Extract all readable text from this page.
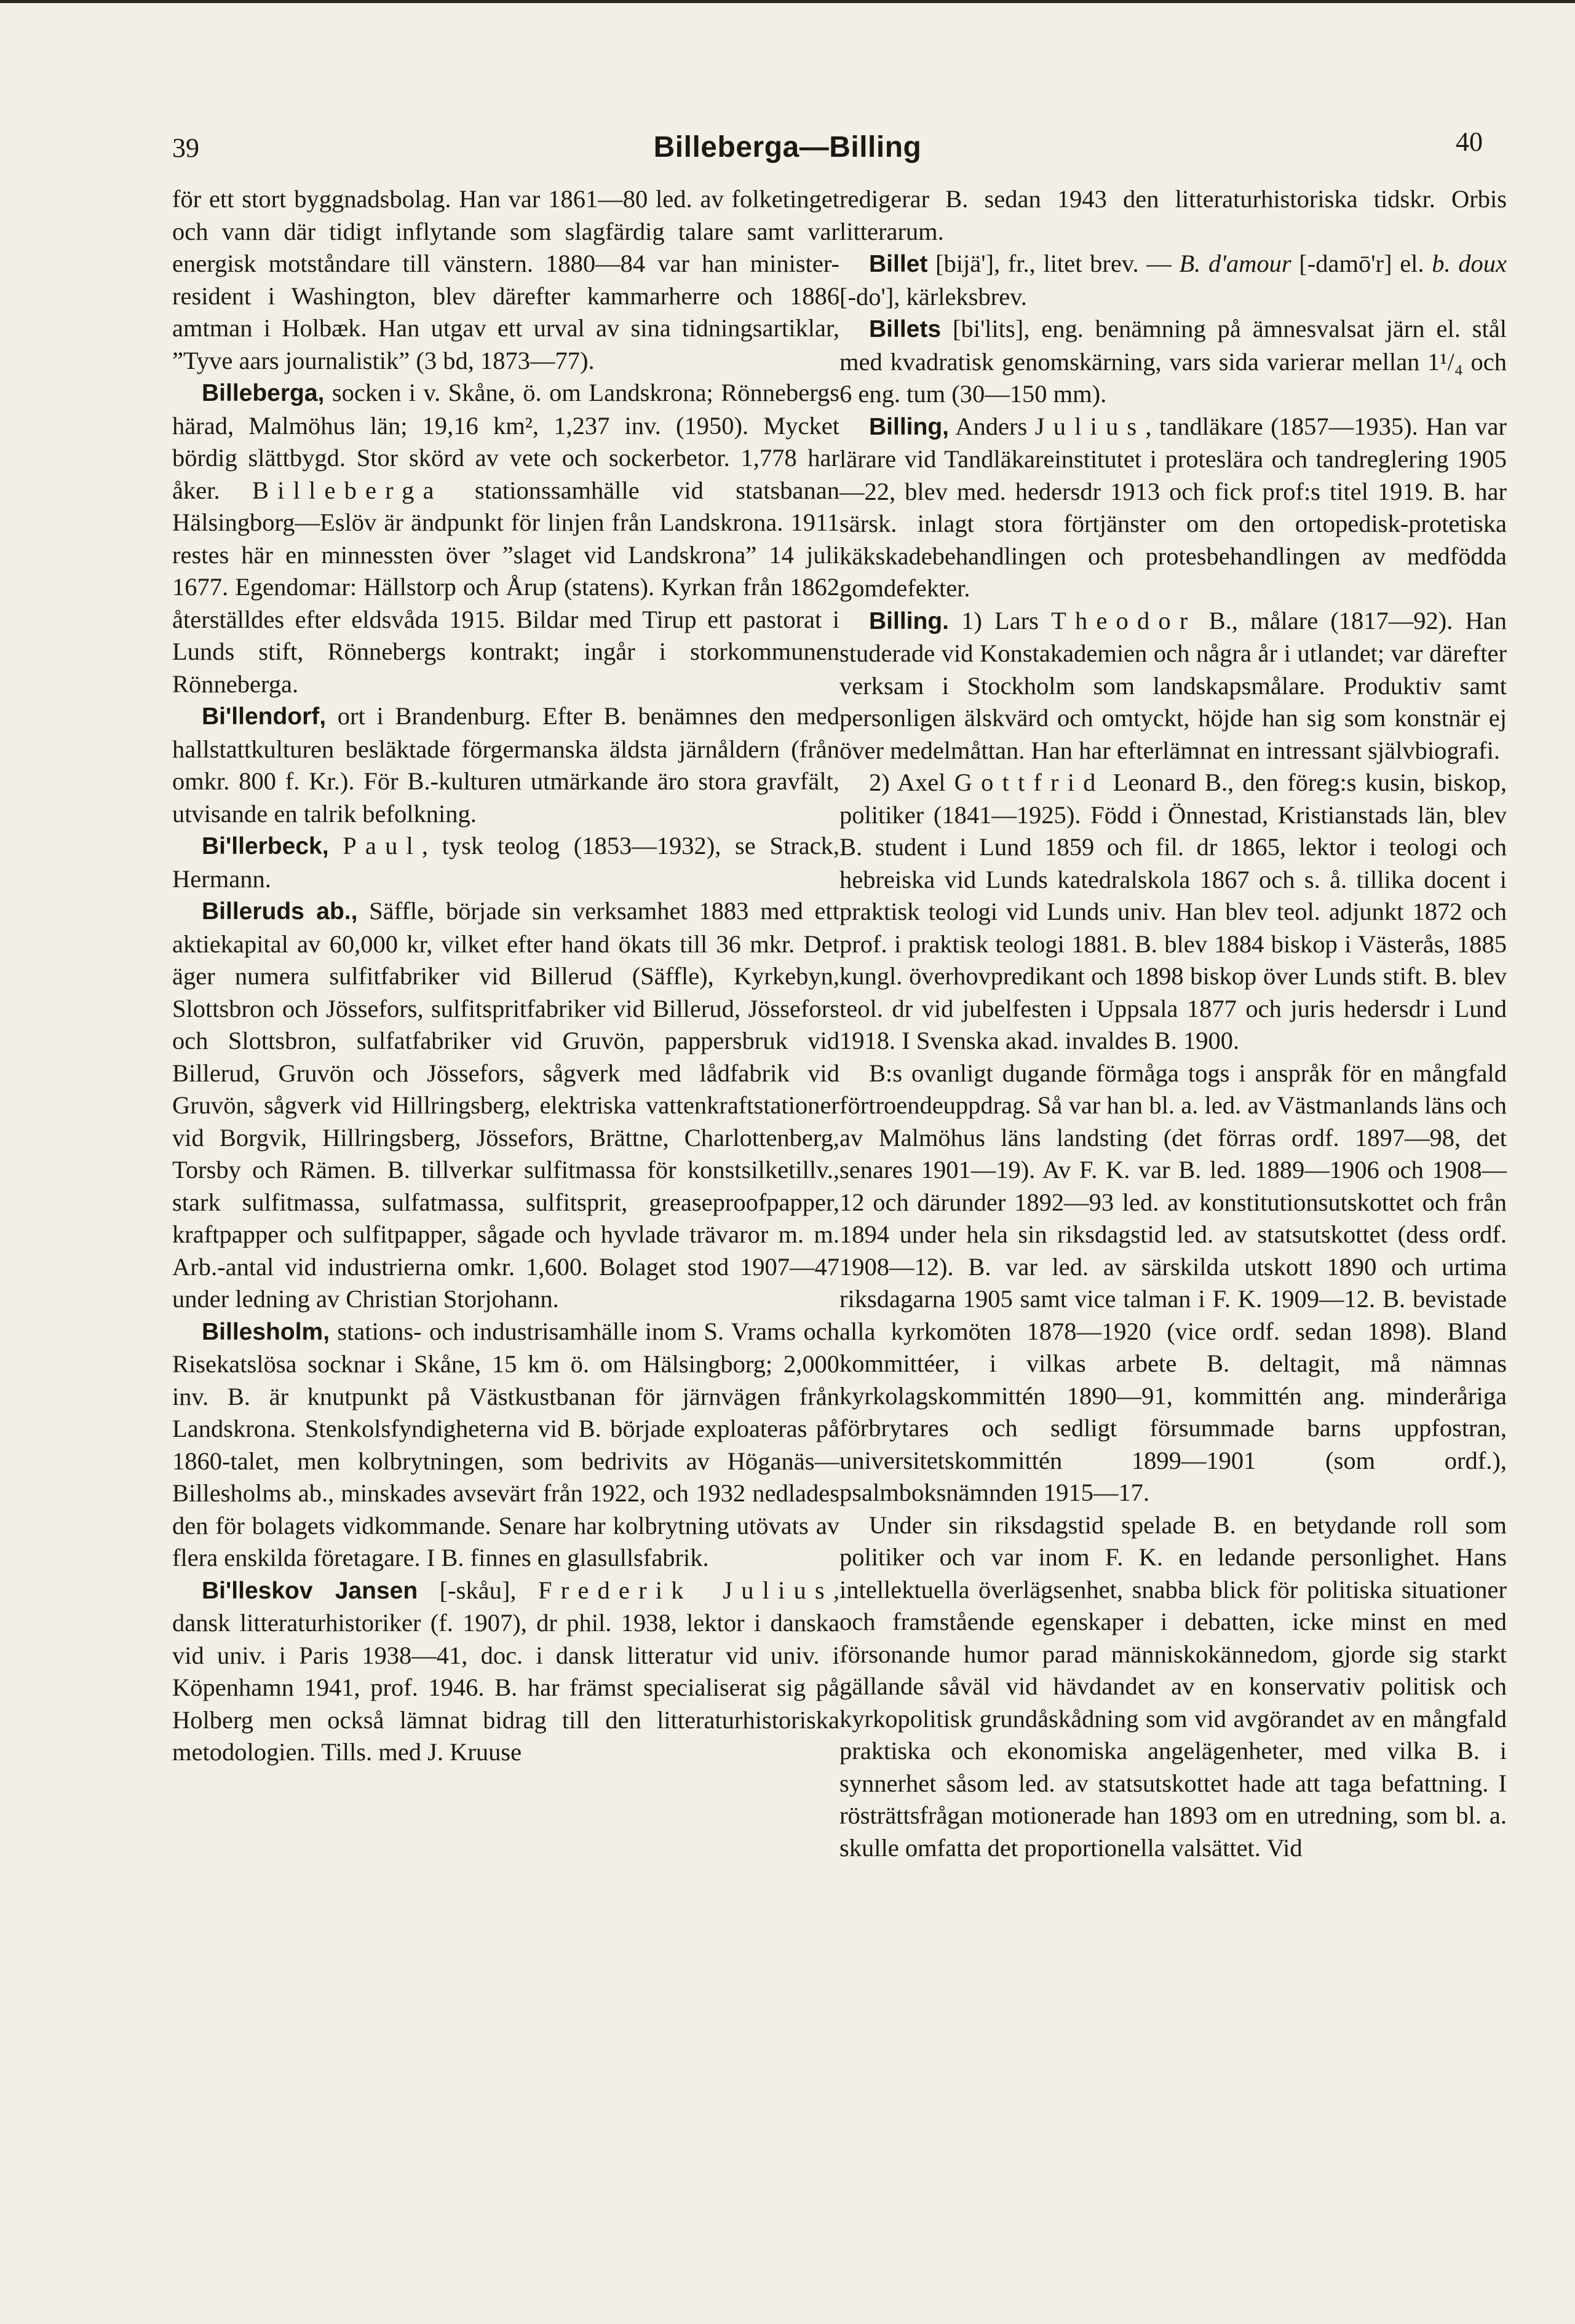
39	Billeberga—Billing	40

för ett stort byggnadsbolag. Han var 1861—80 led. av folketinget och vann där tidigt inflytande som slagfärdig talare samt var energisk motståndare till vänstern. 1880—84 var han minister-resident i Washington, blev därefter kammarherre och 1886 amtman i Holbæk. Han utgav ett urval av sina tidningsartiklar, ”Tyve aars journalistik” (3 bd, 1873—77).

Billeberga, socken i v. Skåne, ö. om Landskrona; Rönnebergs härad, Malmöhus län; 19,16 km², 1,237 inv. (1950). Mycket bördig slättbygd. Stor skörd av vete och sockerbetor. 1,778 har åker. Billeberga stationssamhälle vid statsbanan Hälsingborg—Eslöv är ändpunkt för linjen från Landskrona. 1911 restes här en minnessten över ”slaget vid Landskrona” 14 juli 1677. Egendomar: Hällstorp och Årup (statens). Kyrkan från 1862 återställdes efter eldsvåda 1915. Bildar med Tirup ett pastorat i Lunds stift, Rönnebergs kontrakt; ingår i storkommunen Rönneberga.

Bi'llendorf, ort i Brandenburg. Efter B. benämnes den med hallstattkulturen besläktade förgermanska äldsta järnåldern (från omkr. 800 f. Kr.). För B.-kulturen utmärkande äro stora gravfält, utvisande en talrik befolkning.

Bi'llerbeck, Paul, tysk teolog (1853—1932), se Strack, Hermann.

Billeruds ab., Säffle, började sin verksamhet 1883 med ett aktiekapital av 60,000 kr, vilket efter hand ökats till 36 mkr. Det äger numera sulfitfabriker vid Billerud (Säffle), Kyrkebyn, Slottsbron och Jössefors, sulfitspritfabriker vid Billerud, Jössefors och Slottsbron, sulfatfabriker vid Gruvön, pappersbruk vid Billerud, Gruvön och Jössefors, sågverk med lådfabrik vid Gruvön, sågverk vid Hillringsberg, elektriska vattenkraftstationer vid Borgvik, Hillringsberg, Jössefors, Brättne, Charlottenberg, Torsby och Rämen. B. tillverkar sulfitmassa för konstsilketillv., stark sulfitmassa, sulfatmassa, sulfitsprit, greaseproofpapper, kraftpapper och sulfitpapper, sågade och hyvlade trävaror m. m. Arb.-antal vid industrierna omkr. 1,600. Bolaget stod 1907—47 under ledning av Christian Storjohann.

Billesholm, stations- och industrisamhälle inom S. Vrams och Risekatslösa socknar i Skåne, 15 km ö. om Hälsingborg; 2,000 inv. B. är knutpunkt på Västkustbanan för järnvägen från Landskrona. Stenkolsfyndigheterna vid B. började exploateras på 1860-talet, men kolbrytningen, som bedrivits av Höganäs—Billesholms ab., minskades avsevärt från 1922, och 1932 nedlades den för bolagets vidkommande. Senare har kolbrytning utövats av flera enskilda företagare. I B. finnes en glasullsfabrik.

Bi'lleskov Jansen [-skåu], Frederik Julius, dansk litteraturhistoriker (f. 1907), dr phil. 1938, lektor i danska vid univ. i Paris 1938—41, doc. i dansk litteratur vid univ. i Köpenhamn 1941, prof. 1946. B. har främst specialiserat sig på Holberg men också lämnat bidrag till den litteraturhistoriska metodologien. Tills. med J. Kruuse

redigerar B. sedan 1943 den litteraturhistoriska tidskr. Orbis litterarum.

Billet [bijä'], fr., litet brev. — B. d'amour [-damō'r] el. b. doux [-do'], kärleksbrev.

Billets [bi'lits], eng. benämning på ämnesvalsat järn el. stål med kvadratisk genomskärning, vars sida varierar mellan 1¹/₄ och 6 eng. tum (30—150 mm).

Billing, Anders Julius, tandläkare (1857—1935). Han var lärare vid Tandläkareinstitutet i proteslära och tandreglering 1905—22, blev med. hedersdr 1913 och fick prof:s titel 1919. B. har särsk. inlagt stora förtjänster om den ortopedisk-protetiska käkskadebehandlingen och protesbehandlingen av medfödda gomdefekter.

Billing. 1) Lars Theodor B., målare (1817—92). Han studerade vid Konstakademien och några år i utlandet; var därefter verksam i Stockholm som landskapsmålare. Produktiv samt personligen älskvärd och omtyckt, höjde han sig som konstnär ej över medelmåttan. Han har efterlämnat en intressant självbiografi.

2) Axel Gottfrid Leonard B., den föreg:s kusin, biskop, politiker (1841—1925). Född i Önnestad, Kristianstads län, blev B. student i Lund 1859 och fil. dr 1865, lektor i teologi och hebreiska vid Lunds katedralskola 1867 och s. å. tillika docent i praktisk teologi vid Lunds univ. Han blev teol. adjunkt 1872 och prof. i praktisk teologi 1881. B. blev 1884 biskop i Västerås, 1885 kungl. överhovpredikant och 1898 biskop över Lunds stift. B. blev teol. dr vid jubelfesten i Uppsala 1877 och juris hedersdr i Lund 1918. I Svenska akad. invaldes B. 1900.

B:s ovanligt dugande förmåga togs i anspråk för en mångfald förtroendeuppdrag. Så var han bl. a. led. av Västmanlands läns och av Malmöhus läns landsting (det förras ordf. 1897—98, det senares 1901—19). Av F. K. var B. led. 1889—1906 och 1908—12 och därunder 1892—93 led. av konstitutionsutskottet och från 1894 under hela sin riksdagstid led. av statsutskottet (dess ordf. 1908—12). B. var led. av särskilda utskott 1890 och urtima riksdagarna 1905 samt vice talman i F. K. 1909—12. B. bevistade alla kyrkomöten 1878—1920 (vice ordf. sedan 1898). Bland kommittéer, i vilkas arbete B. deltagit, må nämnas kyrkolagskommittén 1890—91, kommittén ang. minderåriga förbrytares och sedligt försummade barns uppfostran, universitetskommittén 1899—1901 (som ordf.), psalmboksnämnden 1915—17.

Under sin riksdagstid spelade B. en betydande roll som politiker och var inom F. K. en ledande personlighet. Hans intellektuella överlägsenhet, snabba blick för politiska situationer och framstående egenskaper i debatten, icke minst en med försonande humor parad människokännedom, gjorde sig starkt gällande såväl vid hävdandet av en konservativ politisk och kyrkopolitisk grundåskådning som vid avgörandet av en mångfald praktiska och ekonomiska angelägenheter, med vilka B. i synnerhet såsom led. av statsutskottet hade att taga befattning. I rösträttsfrågan motionerade han 1893 om en utredning, som bl. a. skulle omfatta det proportionella valsättet. Vid
